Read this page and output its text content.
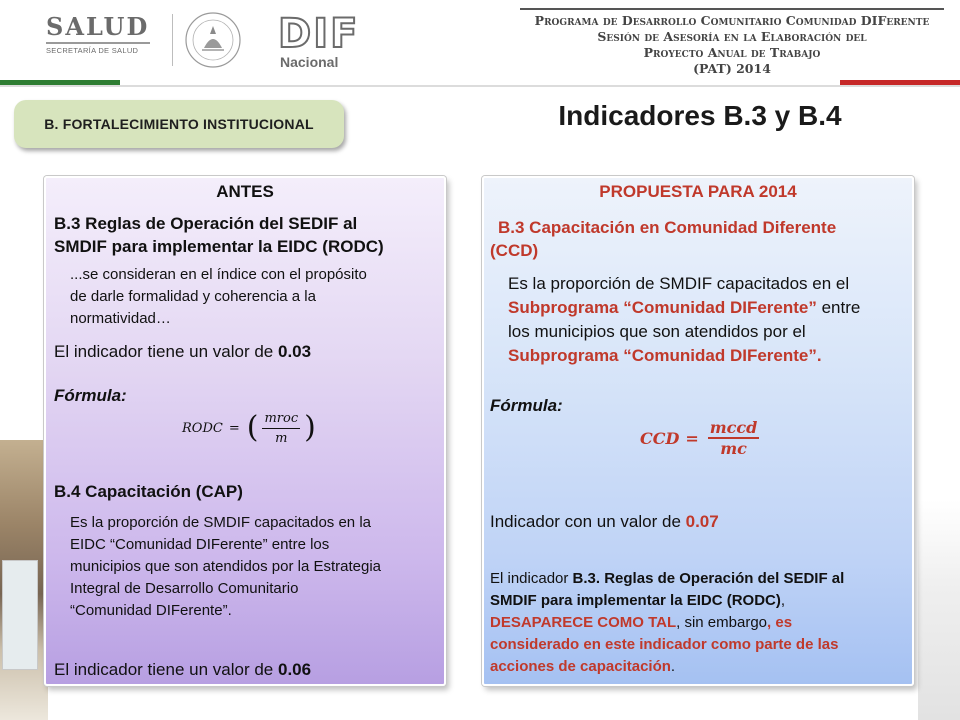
SALUD
SECRETARÍA DE SALUD	DIF
Nacional
Programa de Desarrollo Comunitario Comunidad DIFerente
Sesión de Asesoría en la Elaboración del
Proyecto Anual de Trabajo
(PAT) 2014
B. FORTALECIMIENTO INSTITUCIONAL	Indicadores B.3 y B.4
ANTES
B.3 Reglas de Operación del SEDIF al
SMDIF para implementar la EIDC (RODC)
...se consideran en el índice con el propósito
de darle formalidad y coherencia a la
normatividad…
El indicador tiene un valor de 0.03
Fórmula:
RODC = ( $\frac{\text{mroc}}{m}$ )
B.4 Capacitación (CAP)
Es la proporción de SMDIF capacitados en la
EIDC “Comunidad DIFerente” entre los
municipios que son atendidos por la Estrategia
Integral de Desarrollo Comunitario
“Comunidad DIFerente”.
El indicador tiene un valor de 0.06
PROPUESTA PARA 2014
B.3 Capacitación en Comunidad Diferente
(CCD)
Es la proporción de SMDIF capacitados en el
Subprograma “Comunidad DIFerente” entre
los municipios que son atendidos por el
Subprograma “Comunidad DIFerente”.
Fórmula:
CCD = $\frac{\text{mccd}}{mc}$
Indicador con un valor de 0.07
El indicador B.3. Reglas de Operación del SEDIF al
SMDIF para implementar la EIDC (RODC),
DESAPARECE COMO TAL, sin embargo, es
considerado en este indicador como parte de las
acciones de capacitación.
